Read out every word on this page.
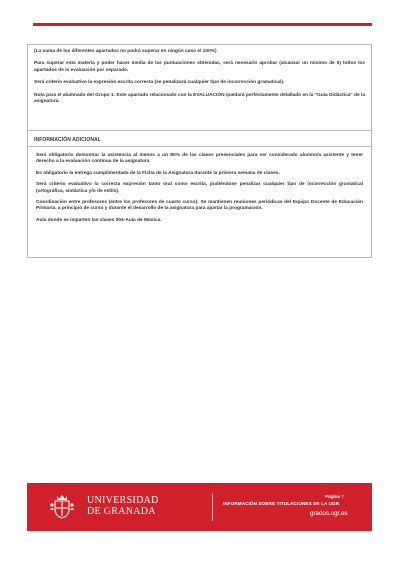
(La suma de los diferentes apartados no podrá superar en ningún caso el 100%)

Para superar esta materia y poder hacer media de las puntuaciones obtenidas, será necesario aprobar (alcanzar un mínimo de 5) todos los apartados de la evaluación por separado.

Será criterio evaluativo la expresión escrita correcta (se penalizará cualquier tipo de incorrección gramatical).

Nota para el alumnado del Grupo 1: Este apartado relacionado con la EVALUACIÓN quedará perfectamente detallado en la "Guía Didáctica" de la asignatura.

INFORMACIÓN ADICIONAL

Será obligatorio demostrar la asistencia al menos a un 80% de las clases presenciales para ser considerado alumno/a asistente y tener derecho a la evaluación continua de la asignatura.

Es obligatorio la entrega cumplimentada de la Ficha de la Asignatura durante la primera semana de clases.

Será criterio evaluativo la correcta expresión tanto oral como escrita, pudiéndose penalizar cualquier tipo de incorrección gramatical (ortográfica, sintáctica y/o de estilo).

Coordinación entre profesores (entre los profesores de cuarto curso): Se mantienen reuniones periódicas del Equipo Docente de Educación Primaria, a principio de curso y durante el desarrollo de la asignatura para ajustar la programación.

Aula donde se imparten las clases 004-Aula de Música.

UNIVERSIDAD
DE GRANADA
Página 7
INFORMACIÓN SOBRE TITULACIONES DE LA UGR
grados.ugr.es
